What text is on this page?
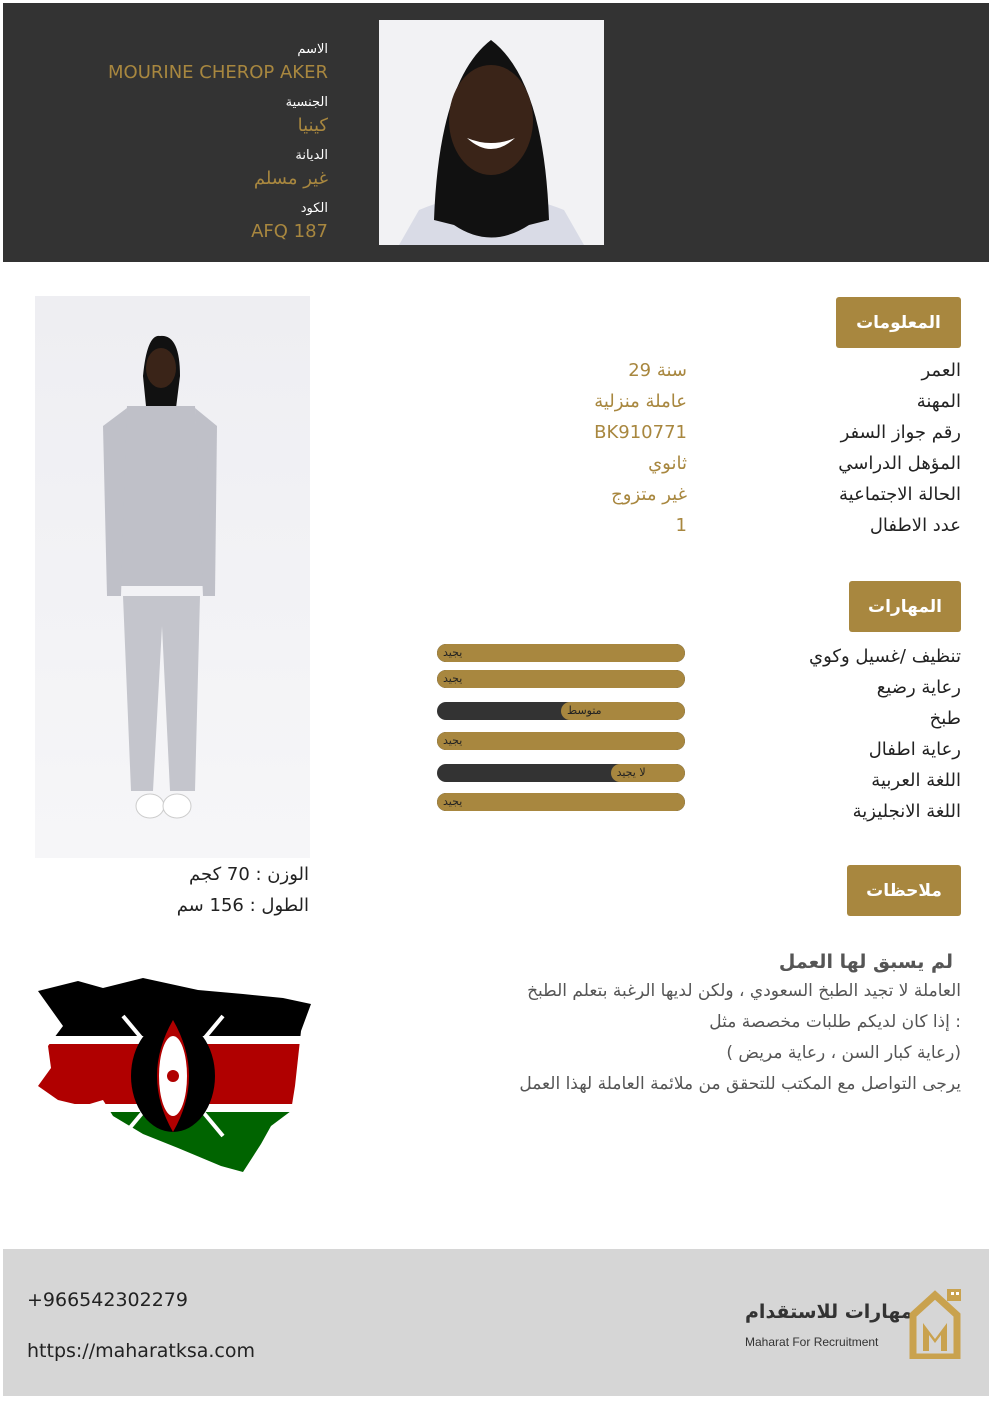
الاسم
MOURINE CHEROP AKER
الجنسية
كينيا
الديانة
غير مسلم
الكود
AFQ 187
المعلومات
العمر
29 سنة
المهنة
عاملة منزلية
رقم جواز السفر
BK910771
المؤهل الدراسي
ثانوي
الحالة الاجتماعية
غير متزوج
عدد الاطفال
1
المهارات
تنظيف /غسيل وكوي
يجيد
رعاية رضيع
يجيد
طبخ
متوسط
رعاية اطفال
يجيد
اللغة العربية
لا يجيد
اللغة الانجليزية
يجيد
الوزن : 70 كجم
الطول : 156 سم
ملاحظات
لم يسبق لها العمل
العاملة لا تجيد الطبخ السعودي ، ولكن لديها الرغبة بتعلم الطبخ
إذا كان لديكم طلبات مخصصة مثل :
( رعاية كبار السن ، رعاية مريض)
يرجى التواصل مع المكتب للتحقق من ملائمة العاملة لهذا العمل
+966542302279
https://maharatksa.com
مهارات للاستقدام
Maharat For Recruitment
